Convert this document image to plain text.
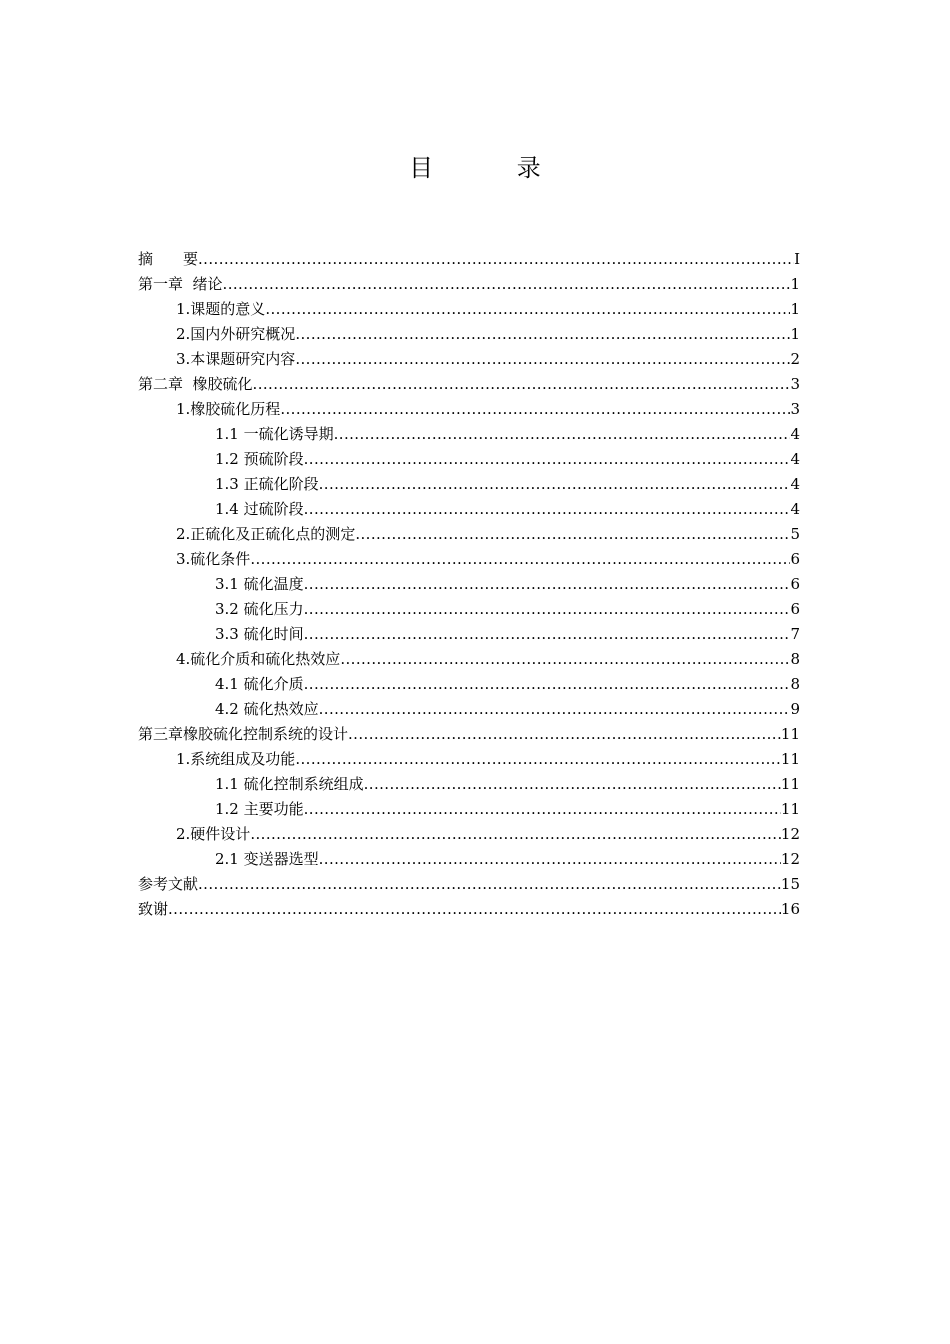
目 录
摘　　要 .....	I
第一章  绪论 .....	1
1.课题的意义 .....	1
2.国内外研究概况 .....	1
3.本课题研究内容 .....	2
第二章  橡胶硫化 .....	3
1.橡胶硫化历程 .....	3
1.1 一硫化诱导期 .....	4
1.2 预硫阶段 .....	4
1.3 正硫化阶段 .....	4
1.4 过硫阶段 .....	4
2.正硫化及正硫化点的测定 .....	5
3.硫化条件 .....	6
3.1 硫化温度 .....	6
3.2 硫化压力 .....	6
3.3 硫化时间 .....	7
4.硫化介质和硫化热效应 .....	8
4.1 硫化介质 .....	8
4.2 硫化热效应 .....	9
第三章橡胶硫化控制系统的设计 .....	11
1.系统组成及功能 .....	11
1.1 硫化控制系统组成 .....	11
1.2 主要功能 .....	11
2.硬件设计 .....	12
2.1 变送器选型 .....	12
参考文献 .....	15
致谢 .....	16
